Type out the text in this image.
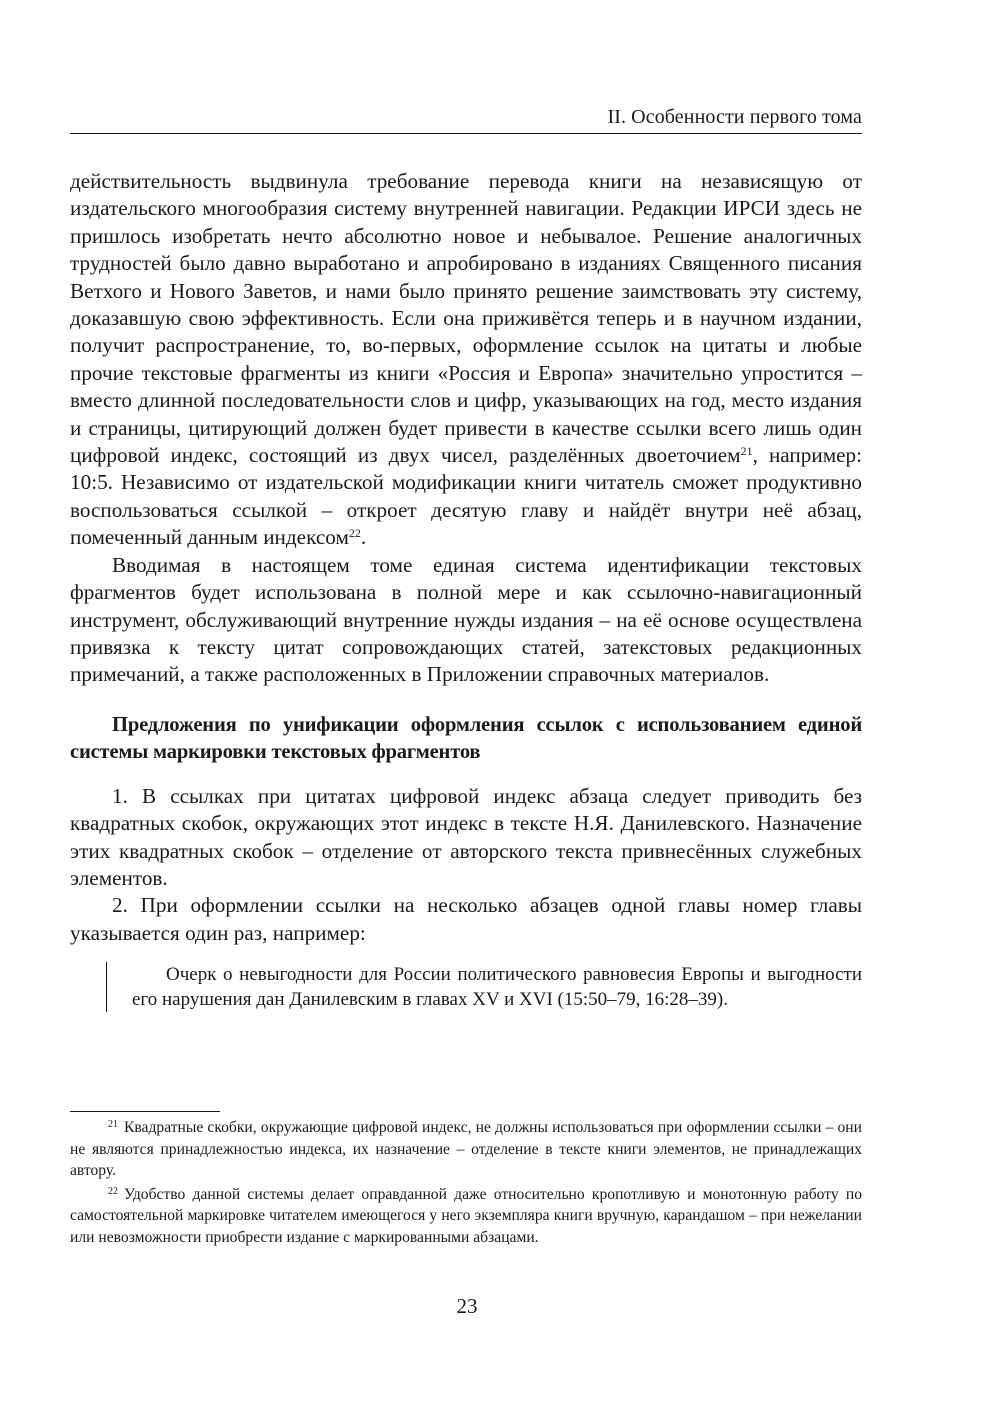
II. Особенности первого тома

действительность выдвинула требование перевода книги на независящую от издательского многообразия систему внутренней навигации. Редакции ИРСИ здесь не пришлось изобретать нечто абсолютно новое и небывалое. Решение аналогичных трудностей было давно выработано и апробировано в изданиях Священного писания Ветхого и Нового Заветов, и нами было принято решение заимствовать эту систему, доказавшую свою эффективность. Если она приживётся теперь и в научном издании, получит распространение, то, во-первых, оформление ссылок на цитаты и любые прочие текстовые фрагменты из книги «Россия и Европа» значительно упростится – вместо длинной последовательности слов и цифр, указывающих на год, место издания и страницы, цитирующий должен будет привести в качестве ссылки всего лишь один цифровой индекс, состоящий из двух чисел, разделённых двоеточием$^{21}$, например: 10:5. Независимо от издательской модификации книги читатель сможет продуктивно воспользоваться ссылкой – откроет десятую главу и найдёт внутри неё абзац, помеченный данным индексом$^{22}$.

Вводимая в настоящем томе единая система идентификации текстовых фрагментов будет использована в полной мере и как ссылочно-навигационный инструмент, обслуживающий внутренние нужды издания – на её основе осуществлена привязка к тексту цитат сопровождающих статей, затекстовых редакционных примечаний, а также расположенных в Приложении справочных материалов.

Предложения по унификации оформления ссылок с использованием единой системы маркировки текстовых фрагментов

1. В ссылках при цитатах цифровой индекс абзаца следует приводить без квадратных скобок, окружающих этот индекс в тексте Н.Я. Данилевского. Назначение этих квадратных скобок – отделение от авторского текста привнесённых служебных элементов.

2. При оформлении ссылки на несколько абзацев одной главы номер главы указывается один раз, например:

Очерк о невыгодности для России политического равновесия Европы и выгодности его нарушения дан Данилевским в главах XV и XVI (15:50–79, 16:28–39).

$^{21}$ Квадратные скобки, окружающие цифровой индекс, не должны использоваться при оформлении ссылки – они не являются принадлежностью индекса, их назначение – отделение в тексте книги элементов, не принадлежащих автору.

$^{22}$ Удобство данной системы делает оправданной даже относительно кропотливую и монотонную работу по самостоятельной маркировке читателем имеющегося у него экземпляра книги вручную, карандашом – при нежелании или невозможности приобрести издание с маркированными абзацами.

23
